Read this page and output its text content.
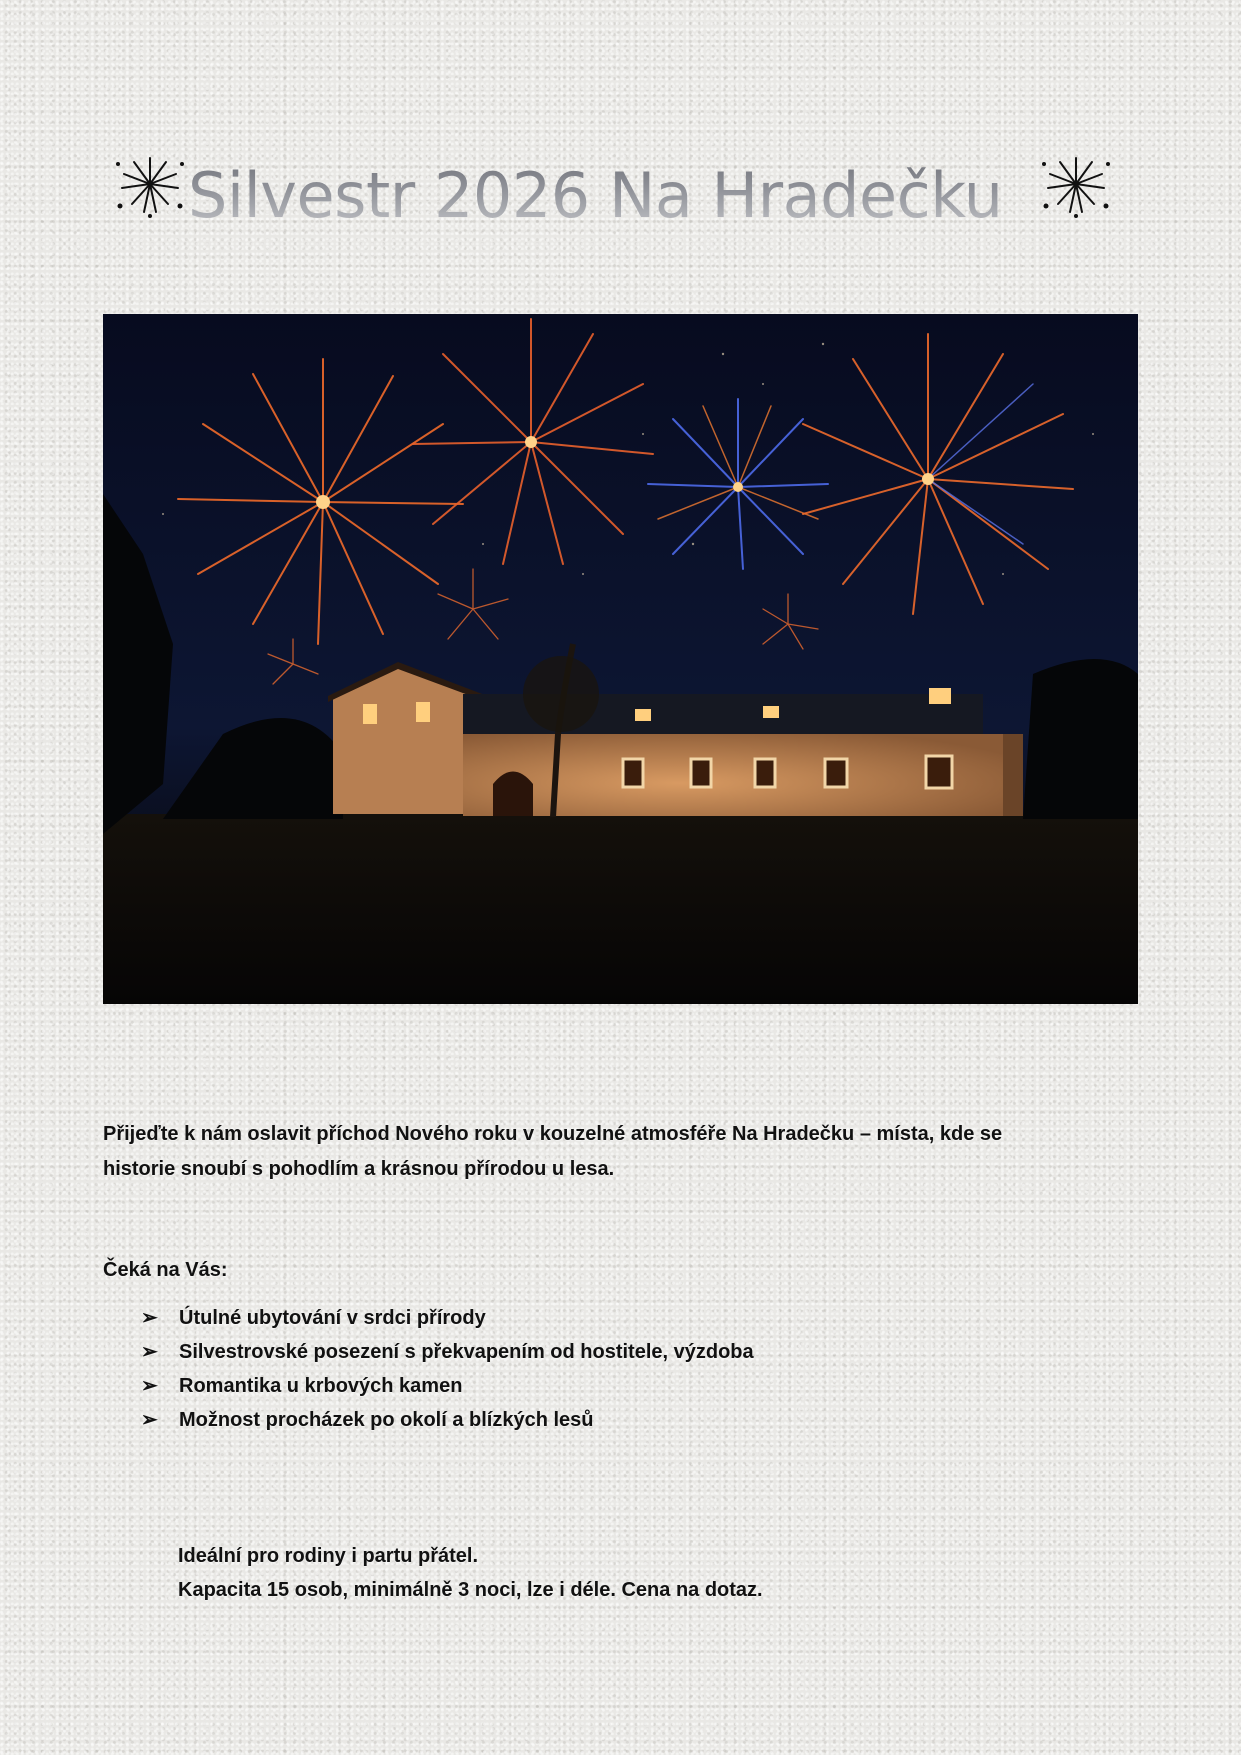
Silvestr 2026 Na Hradečku

Přijeďte k nám oslavit příchod Nového roku v kouzelné atmosféře Na Hradečku – místa, kde se
historie snoubí s pohodlím a krásnou přírodou u lesa.

Čeká na Vás:

➢	Útulné ubytování v srdci přírody
➢	Silvestrovské posezení s překvapením od hostitele, výzdoba
➢	Romantika u krbových kamen
➢	Možnost procházek po okolí a blízkých lesů

Ideální pro rodiny i partu přátel.
Kapacita 15 osob, minimálně 3 noci, lze i déle. Cena na dotaz.
